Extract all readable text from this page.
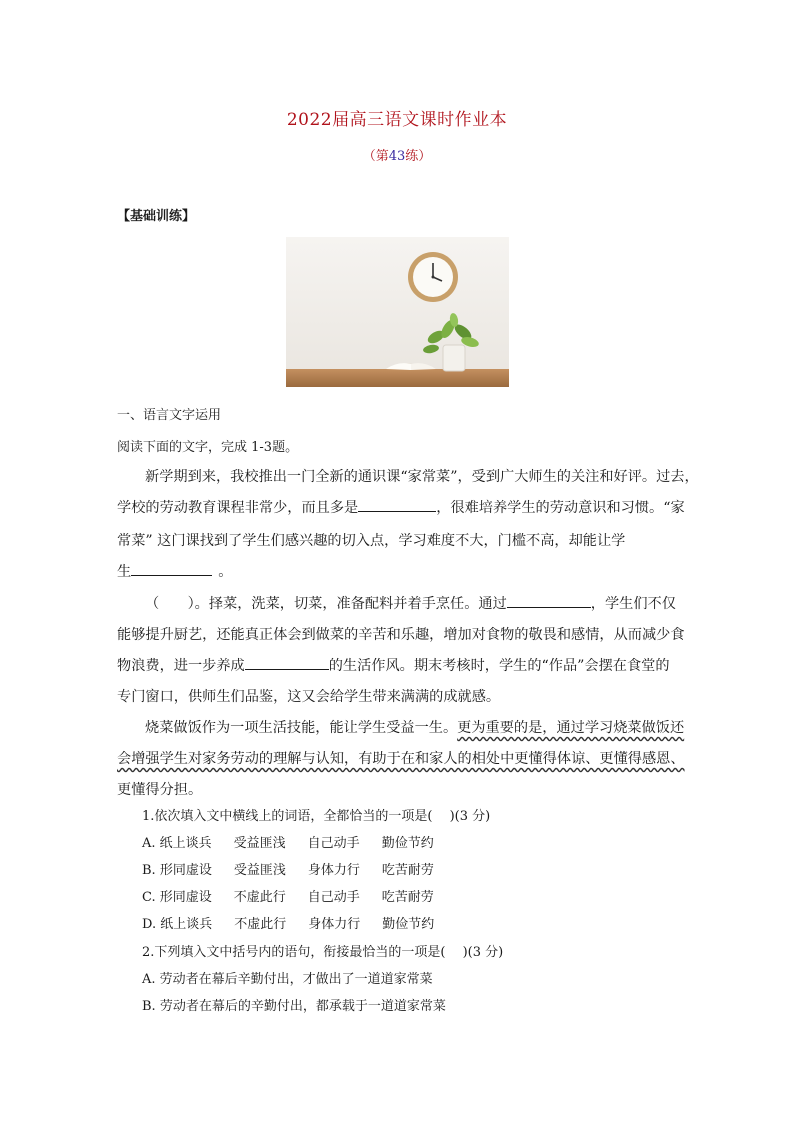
2022届高三语文课时作业本
（第43练）
【基础训练】
一、语言文字运用
阅读下面的文字，完成 1-3题。
新学期到来，我校推出一门全新的通识课“家常菜”，受到广大师生的关注和好评。过去，
学校的劳动教育课程非常少，而且多是	，很难培养学生的劳动意识和习惯。“家
常菜” 这门课找到了学生们感兴趣的切入点，学习难度不大，门槛不高，却能让学
生	。
（　　）。择菜，洗菜，切菜，准备配料并着手烹任。通过	，学生们不仅
能够提升厨艺，还能真正体会到做菜的辛苦和乐趣，增加对食物的敬畏和感情，从而减少食
物浪费，进一步养成	的生活作风。期末考核时，学生的“作品”会摆在食堂的
专门窗口，供师生们品鉴，这又会给学生带来满满的成就感。
烧菜做饭作为一项生活技能，能让学生受益一生。更为重要的是，通过学习烧菜做饭还
会增强学生对家务劳动的理解与认知，有助于在和家人的相处中更懂得体谅、更懂得感恩、
更懂得分担。
1.依次填入文中横线上的词语，全都恰当的一项是(　 )(3 分)
A. 纸上谈兵 受益匪浅 自己动手 勤俭节约
B. 形同虚设 受益匪浅 身体力行 吃苦耐劳
C. 形同虚设 不虚此行 自己动手 吃苦耐劳
D. 纸上谈兵 不虚此行 身体力行 勤俭节约
2.下列填入文中括号内的语句，衔接最恰当的一项是(　 )(3 分)
A. 劳动者在幕后辛勤付出，才做出了一道道家常菜
B. 劳动者在幕后的辛勤付出，都承载于一道道家常菜
